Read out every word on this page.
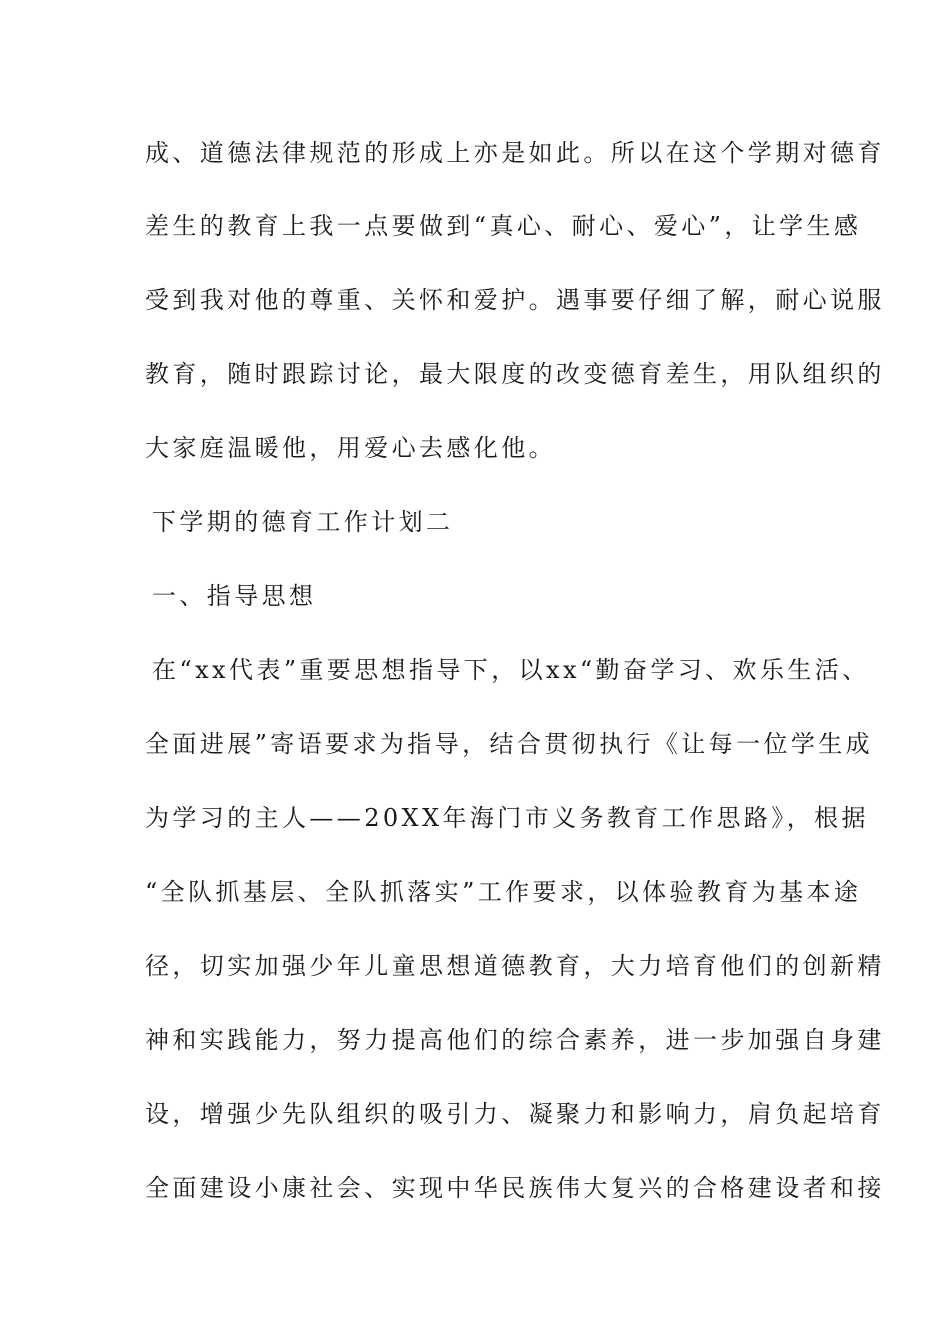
成、道德法律规范的形成上亦是如此。所以在这个学期对德育
差生的教育上我一点要做到“真心、耐心、爱心”，让学生感
受到我对他的尊重、关怀和爱护。遇事要仔细了解，耐心说服
教育，随时跟踪讨论，最大限度的改变德育差生，用队组织的
大家庭温暖他，用爱心去感化他。
下学期的德育工作计划二
一、指导思想
在“xx代表”重要思想指导下，以xx“勤奋学习、欢乐生活、
全面进展”寄语要求为指导，结合贯彻执行《让每一位学生成
为学习的主人——20XX年海门市义务教育工作思路》，根据
“全队抓基层、全队抓落实”工作要求，以体验教育为基本途
径，切实加强少年儿童思想道德教育，大力培育他们的创新精
神和实践能力，努力提高他们的综合素养，进一步加强自身建
设，增强少先队组织的吸引力、凝聚力和影响力，肩负起培育
全面建设小康社会、实现中华民族伟大复兴的合格建设者和接
